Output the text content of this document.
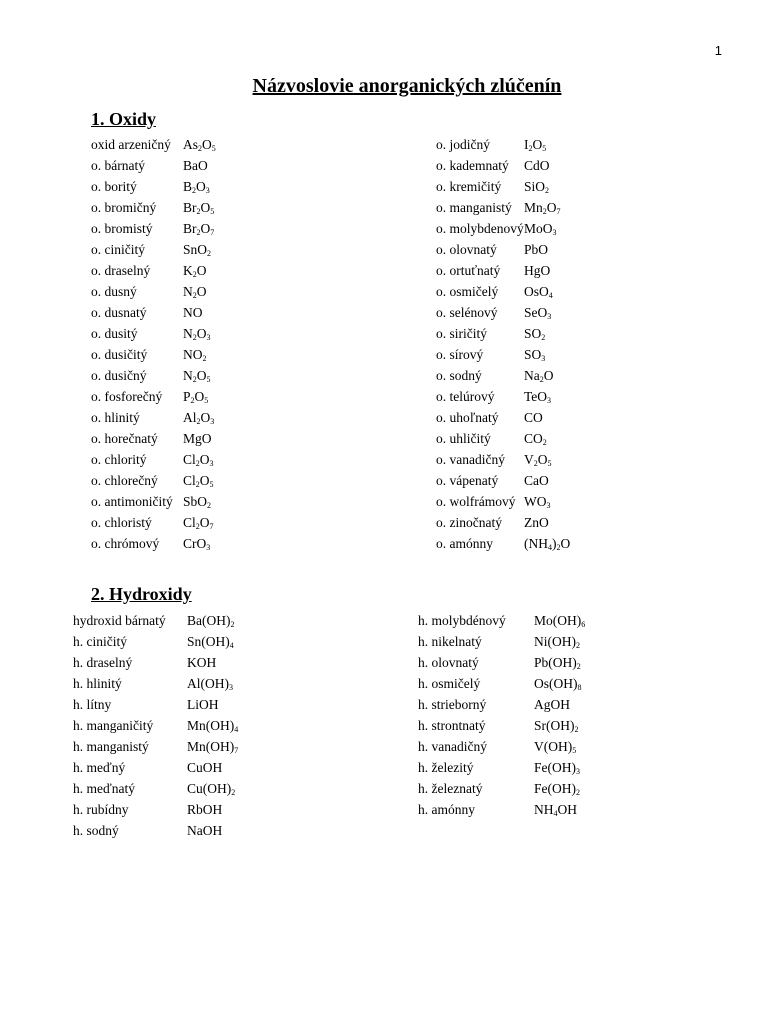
1
Názvoslovie anorganických zlúčenín
1. Oxidy
oxid arzeničný $As_2O_5$
o. bárnatý	BaO
o. boritý	$B_2O_3$
o. bromičný $Br_2O_5$
o. bromistý $Br_2O_7$
o. ciničitý	SnO$_2$
o. draselný $K_2O$
o. dusný	$N_2O$
o. dusnatý	NO
o. dusitý	$N_2O_3$
o. dusičitý	$NO_2$
o. dusičný	$N_2O_5$
o. fosforečný $P_2O_5$
o. hlinitý	$Al_2O_3$
o. horečnatý MgO
o. chloritý	$Cl_2O_3$
o. chlorečný $Cl_2O_5$
o. antimoničitý SbO$_2$
o. chloristý $Cl_2O_7$
o. chrómový CrO$_3$
o. jodičný	$I_2O_5$
o. kademnatý CdO
o. kremičitý SiO$_2$
o. manganistý $Mn_2O_7$
o. molybdenový MoO$_3$
o. olovnatý PbO
o. ortuťnatý HgO
o. osmičelý OsO$_4$
o. selénový SeO$_3$
o. siričitý	$SO_2$
o. sírový	$SO_3$
o. sodný	$Na_2O$
o. telúrový TeO$_3$
o. uhoľnatý CO
o. uhličitý $CO_2$
o. vanadičný $V_2O_5$
o. vápenatý CaO
o. wolfrámový $WO_3$
o. zinočnatý ZnO
o. amónny $(NH_4)_2O$
2. Hydroxidy
hydroxid bárnatý $Ba(OH)_2$
h. ciničitý	$Sn(OH)_4$
h. draselný	KOH
h. hlinitý	$Al(OH)_3$
h. lítny	LiOH
h. manganičitý	$Mn(OH)_4$
h. manganistý	$Mn(OH)_7$
h. meďný	CuOH
h. meďnatý	$Cu(OH)_2$
h. rubídny	RbOH
h. sodný	NaOH
h. molybdénový $Mo(OH)_6$
h. nikelnatý	$Ni(OH)_2$
h. olovnatý	$Pb(OH)_2$
h. osmičelý	$Os(OH)_8$
h. strieborný	AgOH
h. strontnatý	$Sr(OH)_2$
h. vanadičný	$V(OH)_5$
h. železitý	$Fe(OH)_3$
h. železnatý	$Fe(OH)_2$
h. amónny	$NH_4OH$
